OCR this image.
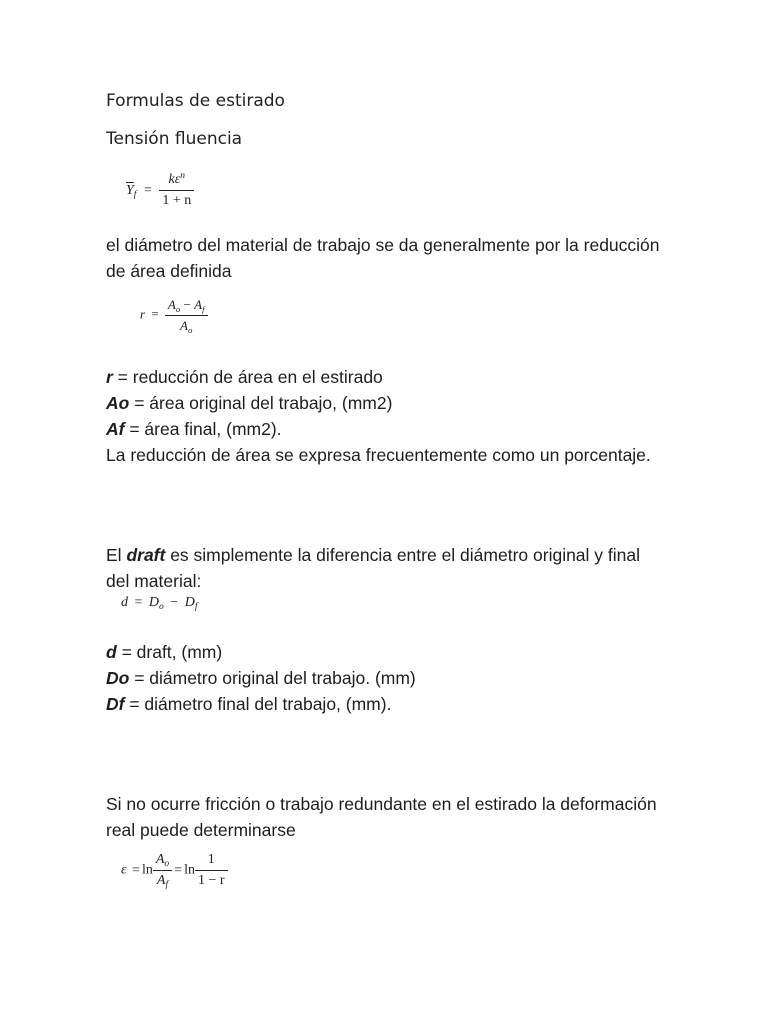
Formulas de estirado
Tensión fluencia
$\overline{Y}_f = \frac{k\varepsilon^n}{1 + n}$
el diámetro del material de trabajo se da generalmente por la reducción
de área definida
$r = \frac{A_o - A_f}{A_o}$
r = reducción de área en el estirado
Ao = área original del trabajo, (mm2)
Af = área final, (mm2).
La reducción de área se expresa frecuentemente como un porcentaje.
El draft es simplemente la diferencia entre el diámetro original y final
del material:
$d = D_o - D_f$
d = draft, (mm)
Do = diámetro original del trabajo. (mm)
Df = diámetro final del trabajo, (mm).
Si no ocurre fricción o trabajo redundante en el estirado la deformación
real puede determinarse
$\varepsilon = \ln \frac{A_o}{A_f} = \ln \frac{1}{1 - r}$
